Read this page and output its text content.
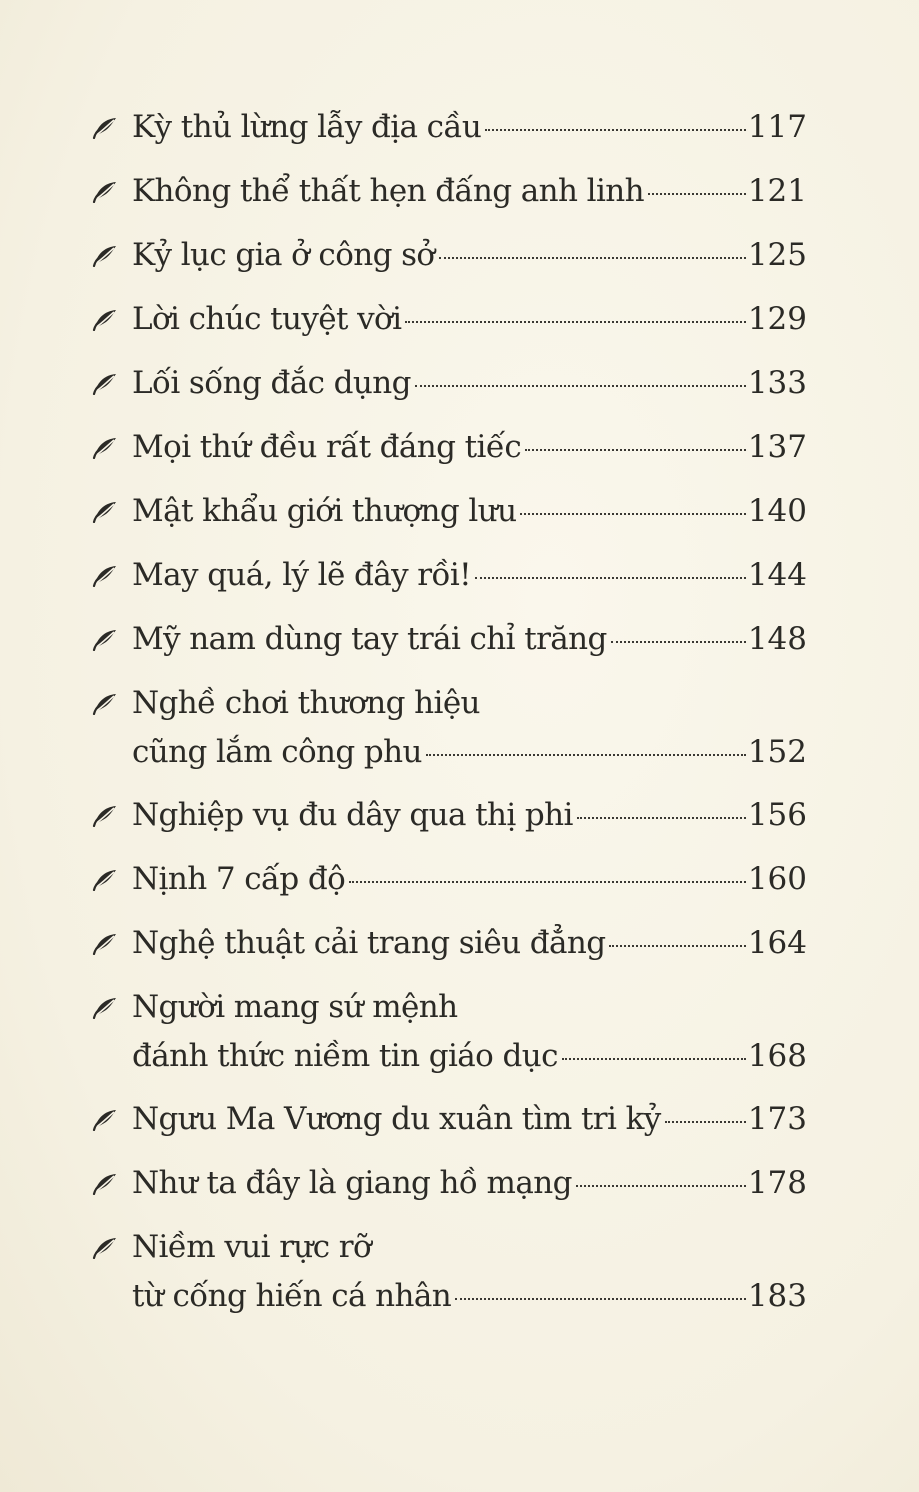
Kỳ thủ lừng lẫy địa cầu	117
Không thể thất hẹn đấng anh linh	121
Kỷ lục gia ở công sở	125
Lời chúc tuyệt vời	129
Lối sống đắc dụng	133
Mọi thứ đều rất đáng tiếc	137
Mật khẩu giới thượng lưu	140
May quá, lý lẽ đây rồi!	144
Mỹ nam dùng tay trái chỉ trăng	148
Nghề chơi thương hiệu
cũng lắm công phu	152
Nghiệp vụ đu dây qua thị phi	156
Nịnh 7 cấp độ	160
Nghệ thuật cải trang siêu đẳng	164
Người mang sứ mệnh
đánh thức niềm tin giáo dục	168
Ngưu Ma Vương du xuân tìm tri kỷ	173
Như ta đây là giang hồ mạng	178
Niềm vui rực rỡ
từ cống hiến cá nhân	183
